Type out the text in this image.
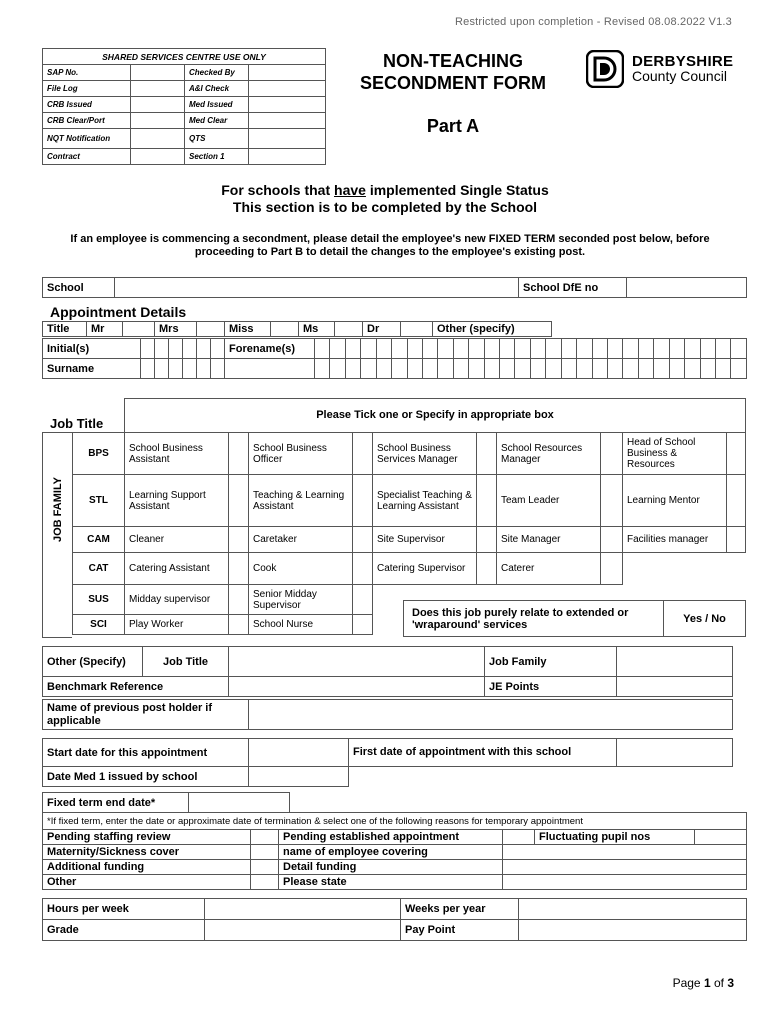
Restricted upon completion - Revised 08.08.2022 V1.3
SHARED SERVICES CENTRE USE ONLY			
SAP No.		Checked By	
File Log		A&I Check	
CRB Issued		Med Issued	
CRB Clear/Port		Med Clear	
NQT Notification		QTS	
Contract		Section 1	
NON-TEACHING
SECONDMENT FORM
Part A
DERBYSHIRE
County Council
For schools that have implemented Single Status
This section is to be completed by the School
If an employee is commencing a secondment, please detail the employee's new FIXED TERM seconded post below, before proceeding to Part B to detail the changes to the employee's existing post.
School		School DfE no	
Appointment Details
Title	Mr		Mrs		Miss		Ms		Dr		Other (specify)
Initial(s)							Forename(s)																												
Surname																																			
Job Title
Please Tick one or Specify in appropriate box
JOB FAMILY
BPS	School Business Assistant		School Business Officer		School Business Services Manager		School Resources Manager		Head of School Business & Resources	
STL	Learning Support Assistant		Teaching & Learning Assistant		Specialist Teaching & Learning Assistant		Team Leader		Learning Mentor	
CAM	Cleaner		Caretaker		Site Supervisor		Site Manager		Facilities manager	
CAT	Catering Assistant		Cook		Catering Supervisor		Caterer			
SUS	Midday supervisor		Senior Midday Supervisor							
SCI	Play Worker		School Nurse							
Does this job purely relate to extended or 'wraparound' services	Yes / No
Other (Specify)	Job Title		Job Family	
Benchmark Reference			JE Points	
Name of previous post holder if applicable	
Start date for this appointment		First date of appointment with this school	
Date Med 1 issued by school			
Fixed term end date*	
*If fixed term, enter the date or approximate date of termination & select one of the following reasons for temporary appointment					
Pending staffing review		Pending established appointment		Fluctuating pupil nos	
Maternity/Sickness cover		name of employee covering			
Additional funding		Detail funding			
Other		Please state			
Hours per week		Weeks per year	
Grade		Pay Point	
Page 1 of 3
